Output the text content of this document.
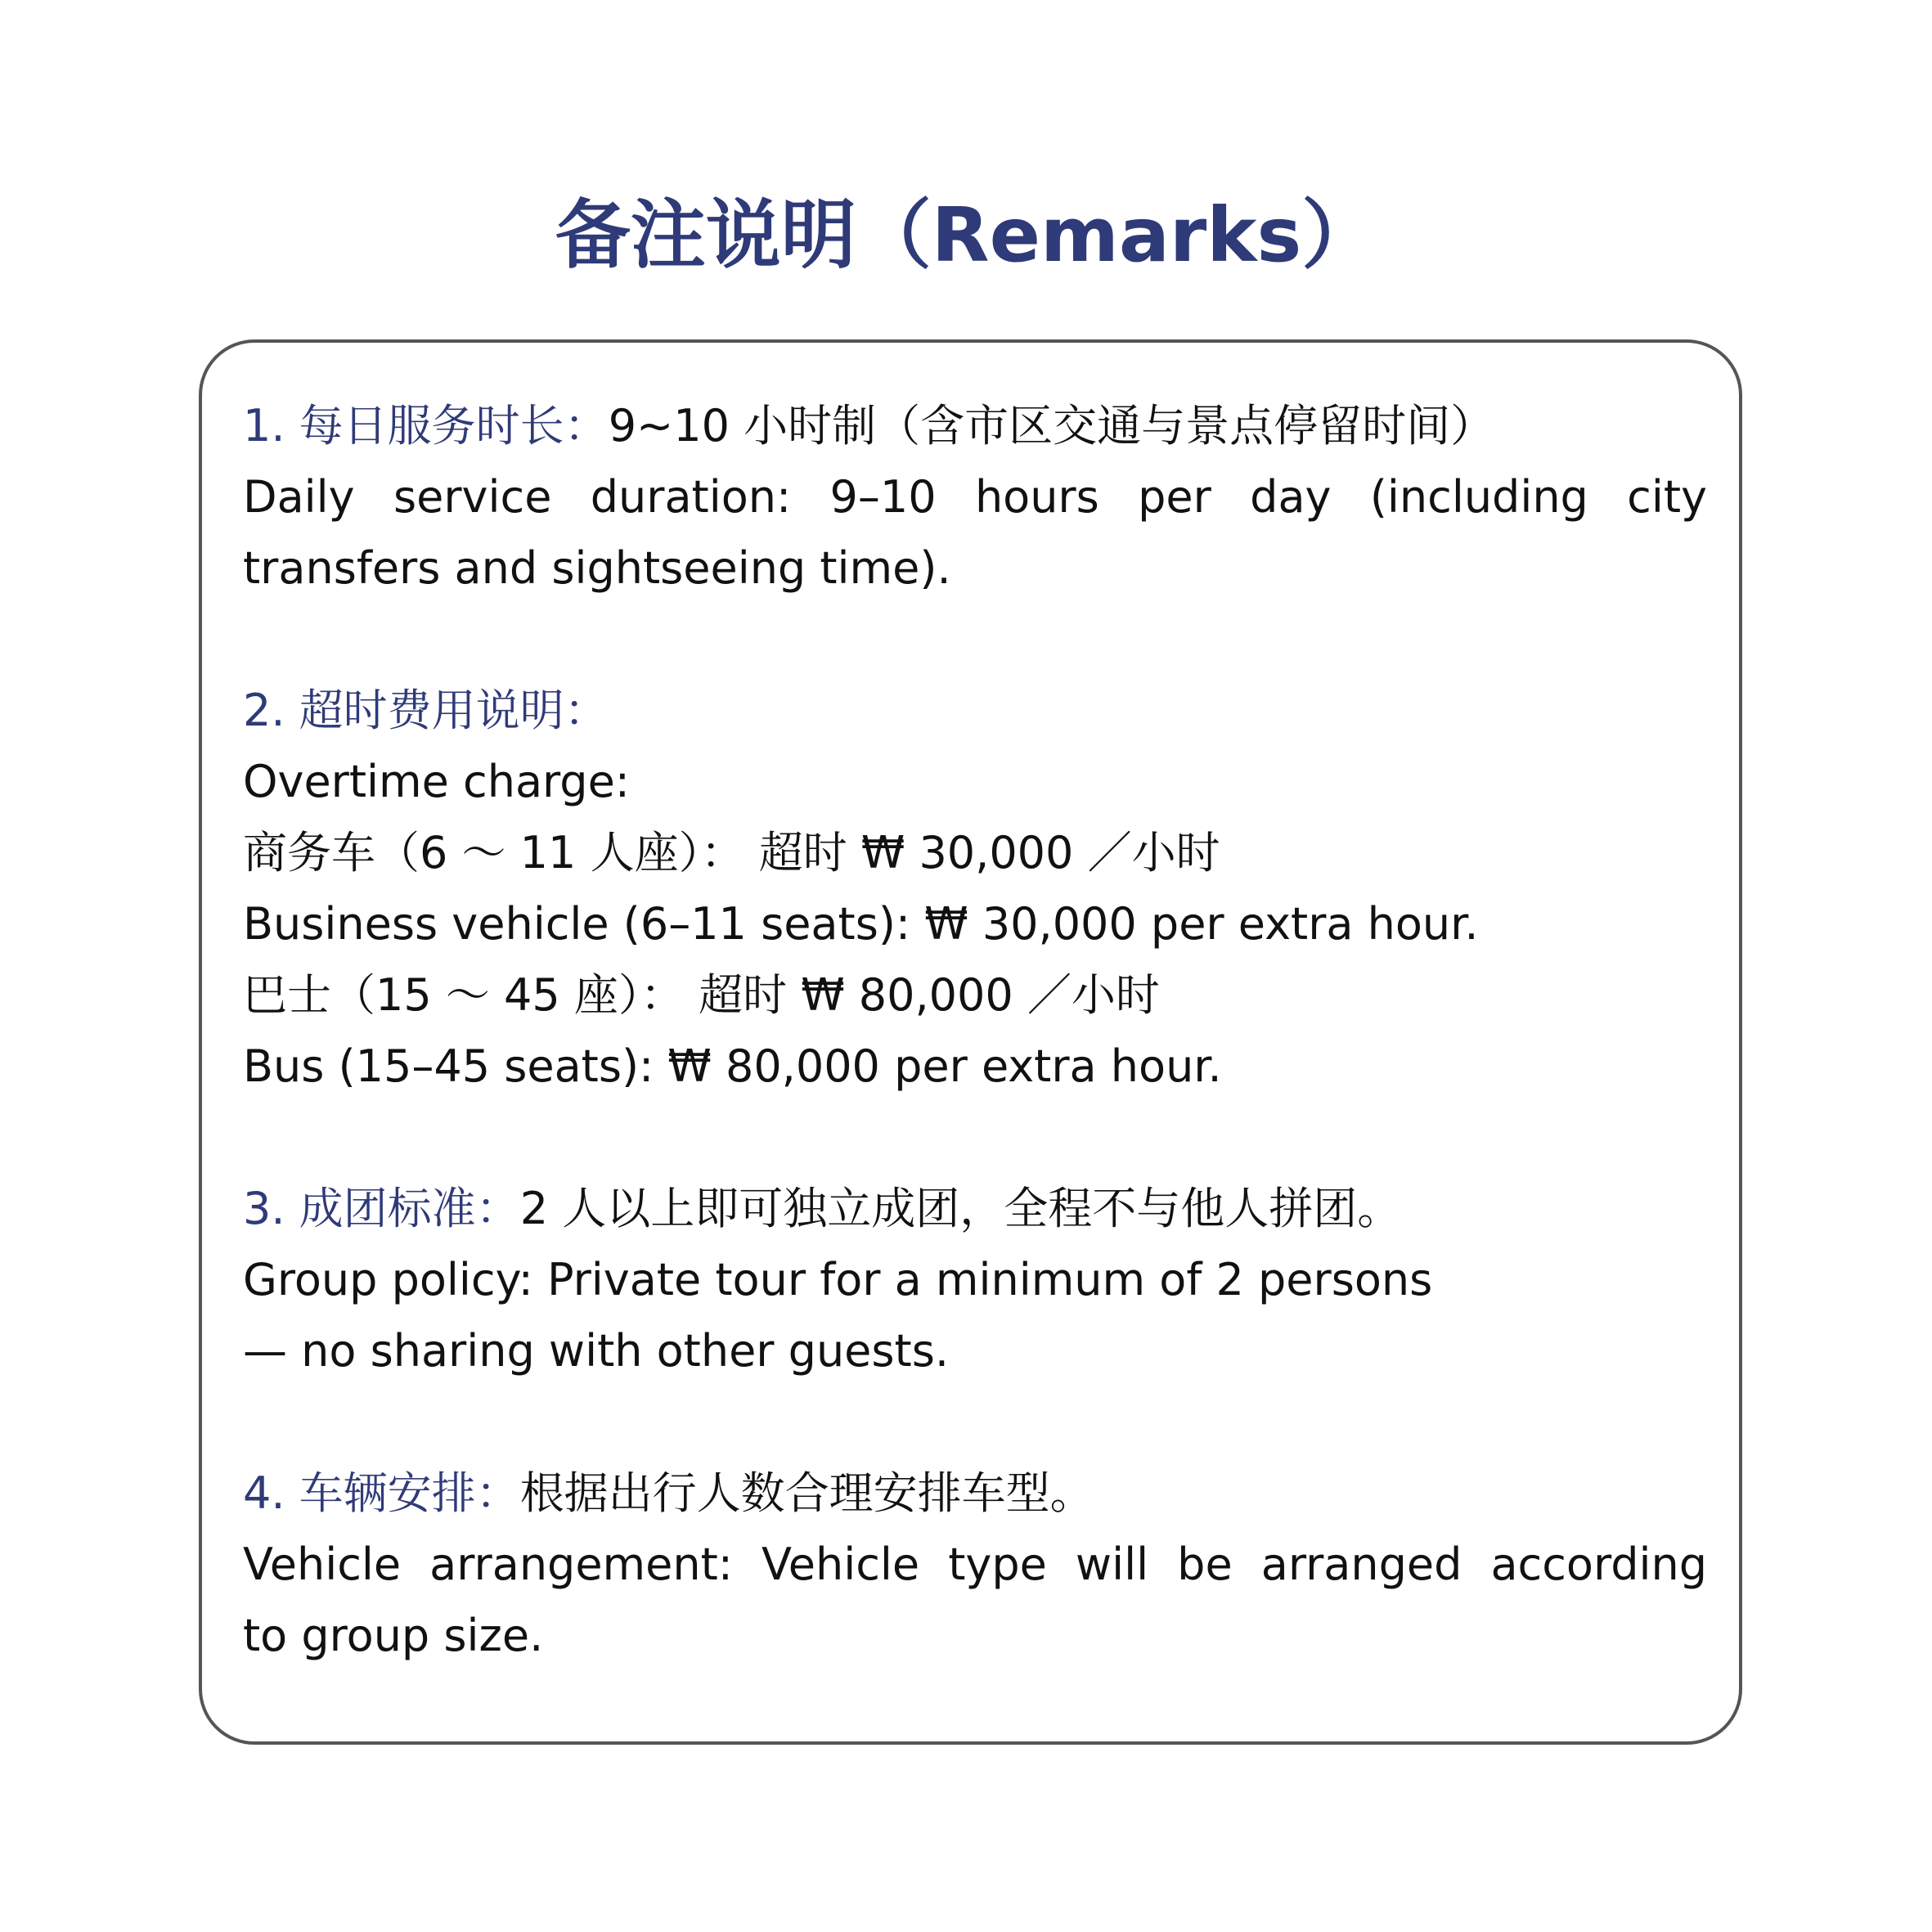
备注说明（Remarks）
1. 每日服务时长：9~10 小时制（含市区交通与景点停留时间）
Daily service duration: 9–10 hours per day (including city
transfers and sightseeing time).
2. 超时费用说明：
Overtime charge:
商务车（6 ～ 11 人座）： 超时 ₩ 30,000 ／小时
Business vehicle (6–11 seats): ₩ 30,000 per extra hour.
巴士（15 ～ 45 座）： 超时 ₩ 80,000 ／小时
Bus (15–45 seats): ₩ 80,000 per extra hour.
3. 成团标准：2 人以上即可独立成团，全程不与他人拼团。
Group policy: Private tour for a minimum of 2 persons
— no sharing with other guests.
4. 车辆安排：根据出行人数合理安排车型。
Vehicle arrangement: Vehicle type will be arranged according
to group size.
